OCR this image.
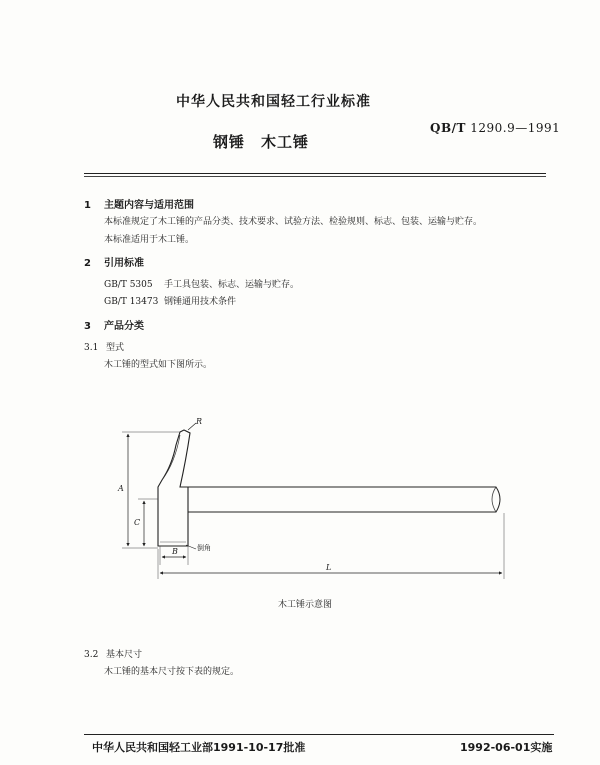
中华人民共和国轻工行业标准
QB/T 1290.9—1991
钢锤　木工锤
1 主题内容与适用范围
本标准规定了木工锤的产品分类、技术要求、试验方法、检验规则、标志、包装、运输与贮存。
本标准适用于木工锤。
2 引用标准
GB/T 5305 手工具包装、标志、运输与贮存。
GB/T 13473 钢锤通用技术条件
3 产品分类
3.1 型式
木工锤的型式如下图所示。
R
A
C
B	倒角
L
木工锤示意图
3.2 基本尺寸
木工锤的基本尺寸按下表的规定。
中华人民共和国轻工业部1991-10-17批准	1992-06-01实施
